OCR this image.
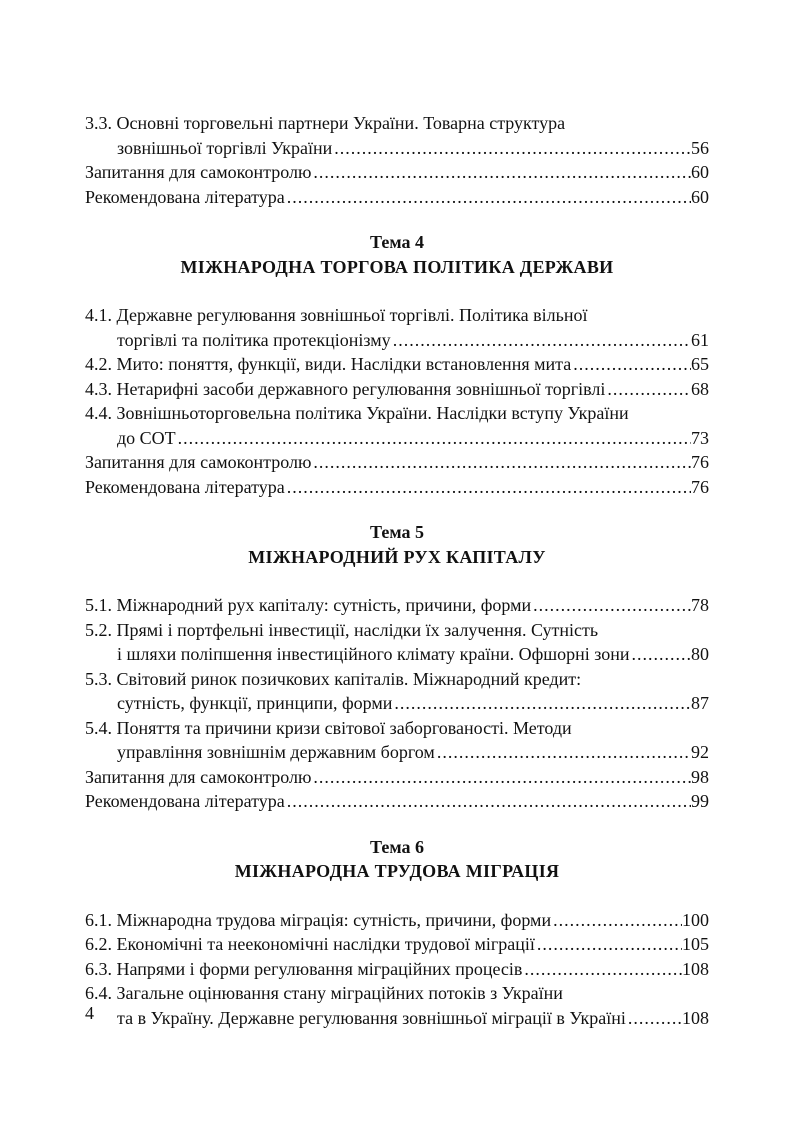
3.3. Основні торговельні партнери України. Товарна структура
зовнішньої торгівлі України .....	56
Запитання для самоконтролю .....	60
Рекомендована література .....	60
Тема 4
МІЖНАРОДНА ТОРГОВА ПОЛІТИКА ДЕРЖАВИ
4.1. Державне регулювання зовнішньої торгівлі. Політика вільної
торгівлі та політика протекціонізму .....	61
4.2. Мито: поняття, функції, види. Наслідки встановлення мита .....	65
4.3. Нетарифні засоби державного регулювання зовнішньої торгівлі .....	68
4.4. Зовнішньоторговельна політика України. Наслідки вступу України
до СОТ .....	73
Запитання для самоконтролю .....	76
Рекомендована література .....	76
Тема 5
МІЖНАРОДНИЙ РУХ КАПІТАЛУ
5.1. Міжнародний рух капіталу: сутність, причини, форми .....	78
5.2. Прямі і портфельні інвестиції, наслідки їх залучення. Сутність
і шляхи поліпшення інвестиційного клімату країни. Офшорні зони .....	80
5.3. Світовий ринок позичкових капіталів. Міжнародний кредит:
сутність, функції, принципи, форми .....	87
5.4. Поняття та причини кризи світової заборгованості. Методи
управління зовнішнім державним боргом .....	92
Запитання для самоконтролю .....	98
Рекомендована література .....	99
Тема 6
МІЖНАРОДНА ТРУДОВА МІГРАЦІЯ
6.1. Міжнародна трудова міграція: сутність, причини, форми .....	100
6.2. Економічні та неекономічні наслідки трудової міграції .....	105
6.3. Напрями і форми регулювання міграційних процесів .....	108
6.4. Загальне оцінювання стану міграційних потоків з України
та в Україну. Державне регулювання зовнішньої міграції в Україні .....	108
4
